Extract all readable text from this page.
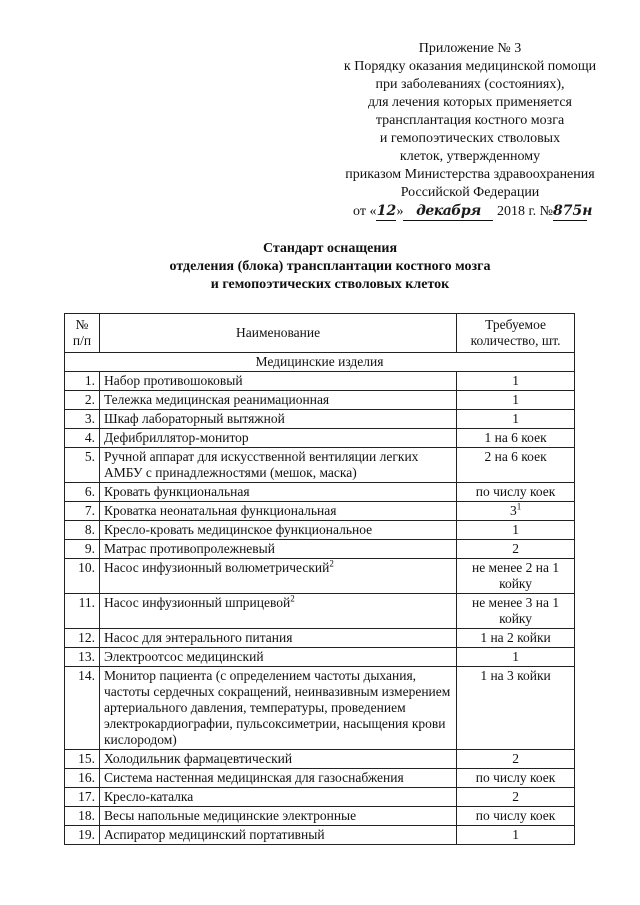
Приложение № 3
к Порядку оказания медицинской помощи
при заболеваниях (состояниях),
для лечения которых применяется
трансплантация костного мозга
и гемопоэтических стволовых
клеток, утвержденному
приказом Министерства здравоохранения
Российской Федерации
от «12» декабря 2018 г. №875н
Стандарт оснащения
отделения (блока) трансплантации костного мозга
и гемопоэтических стволовых клеток
№ п/п	Наименование	Требуемое количество, шт.
Медицинские изделия		
1.	Набор противошоковый	1
2.	Тележка медицинская реанимационная	1
3.	Шкаф лабораторный вытяжной	1
4.	Дефибриллятор-монитор	1 на 6 коек
5.	Ручной аппарат для искусственной вентиляции легких АМБУ с принадлежностями (мешок, маска)	2 на 6 коек
6.	Кровать функциональная	по числу коек
7.	Кроватка неонатальная функциональная	$3^1$
8.	Кресло-кровать медицинское функциональное	1
9.	Матрас противопролежневый	2
10.	Насос инфузионный волюметрический$^2$	не менее 2 на 1 койку
11.	Насос инфузионный шприцевой$^2$	не менее 3 на 1 койку
12.	Насос для энтерального питания	1 на 2 койки
13.	Электроотсос медицинский	1
14.	Монитор пациента (с определением частоты дыхания, частоты сердечных сокращений, неинвазивным измерением артериального давления, температуры, проведением электрокардиографии, пульсоксиметрии, насыщения крови кислородом)	1 на 3 койки
15.	Холодильник фармацевтический	2
16.	Система настенная медицинская для газоснабжения	по числу коек
17.	Кресло-каталка	2
18.	Весы напольные медицинские электронные	по числу коек
19.	Аспиратор медицинский портативный	1
